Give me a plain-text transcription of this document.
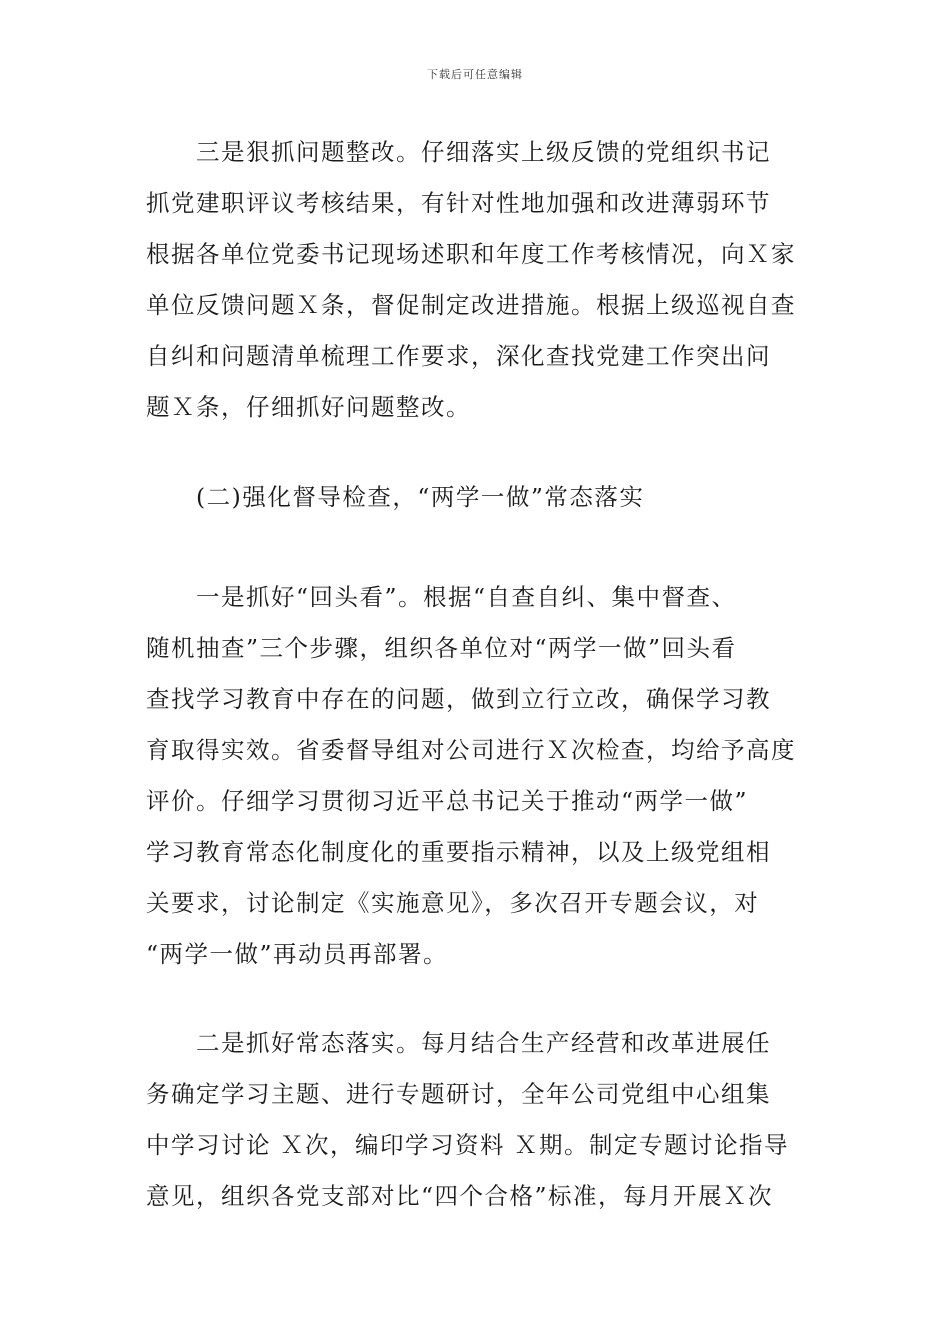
下载后可任意编辑
三是狠抓问题整改。仔细落实上级反馈的党组织书记
抓党建职评议考核结果，有针对性地加强和改进薄弱环节
根据各单位党委书记现场述职和年度工作考核情况，向Ｘ家
单位反馈问题Ｘ条，督促制定改进措施。根据上级巡视自查
自纠和问题清单梳理工作要求，深化查找党建工作突出问
题Ｘ条，仔细抓好问题整改。
(二)强化督导检查，“两学一做”常态落实
一是抓好“回头看”。根据“自查自纠、集中督查、
随机抽查”三个步骤，组织各单位对“两学一做”回头看
查找学习教育中存在的问题，做到立行立改，确保学习教
育取得实效。省委督导组对公司进行Ｘ次检查，均给予高度
评价。仔细学习贯彻习近平总书记关于推动“两学一做”
学习教育常态化制度化的重要指示精神，以及上级党组相
关要求，讨论制定《实施意见》，多次召开专题会议，对
“两学一做”再动员再部署。
二是抓好常态落实。每月结合生产经营和改革进展任
务确定学习主题、进行专题研讨，全年公司党组中心组集
中学习讨论 Ｘ次，编印学习资料 Ｘ期。制定专题讨论指导
意见，组织各党支部对比“四个合格”标准，每月开展Ｘ次
